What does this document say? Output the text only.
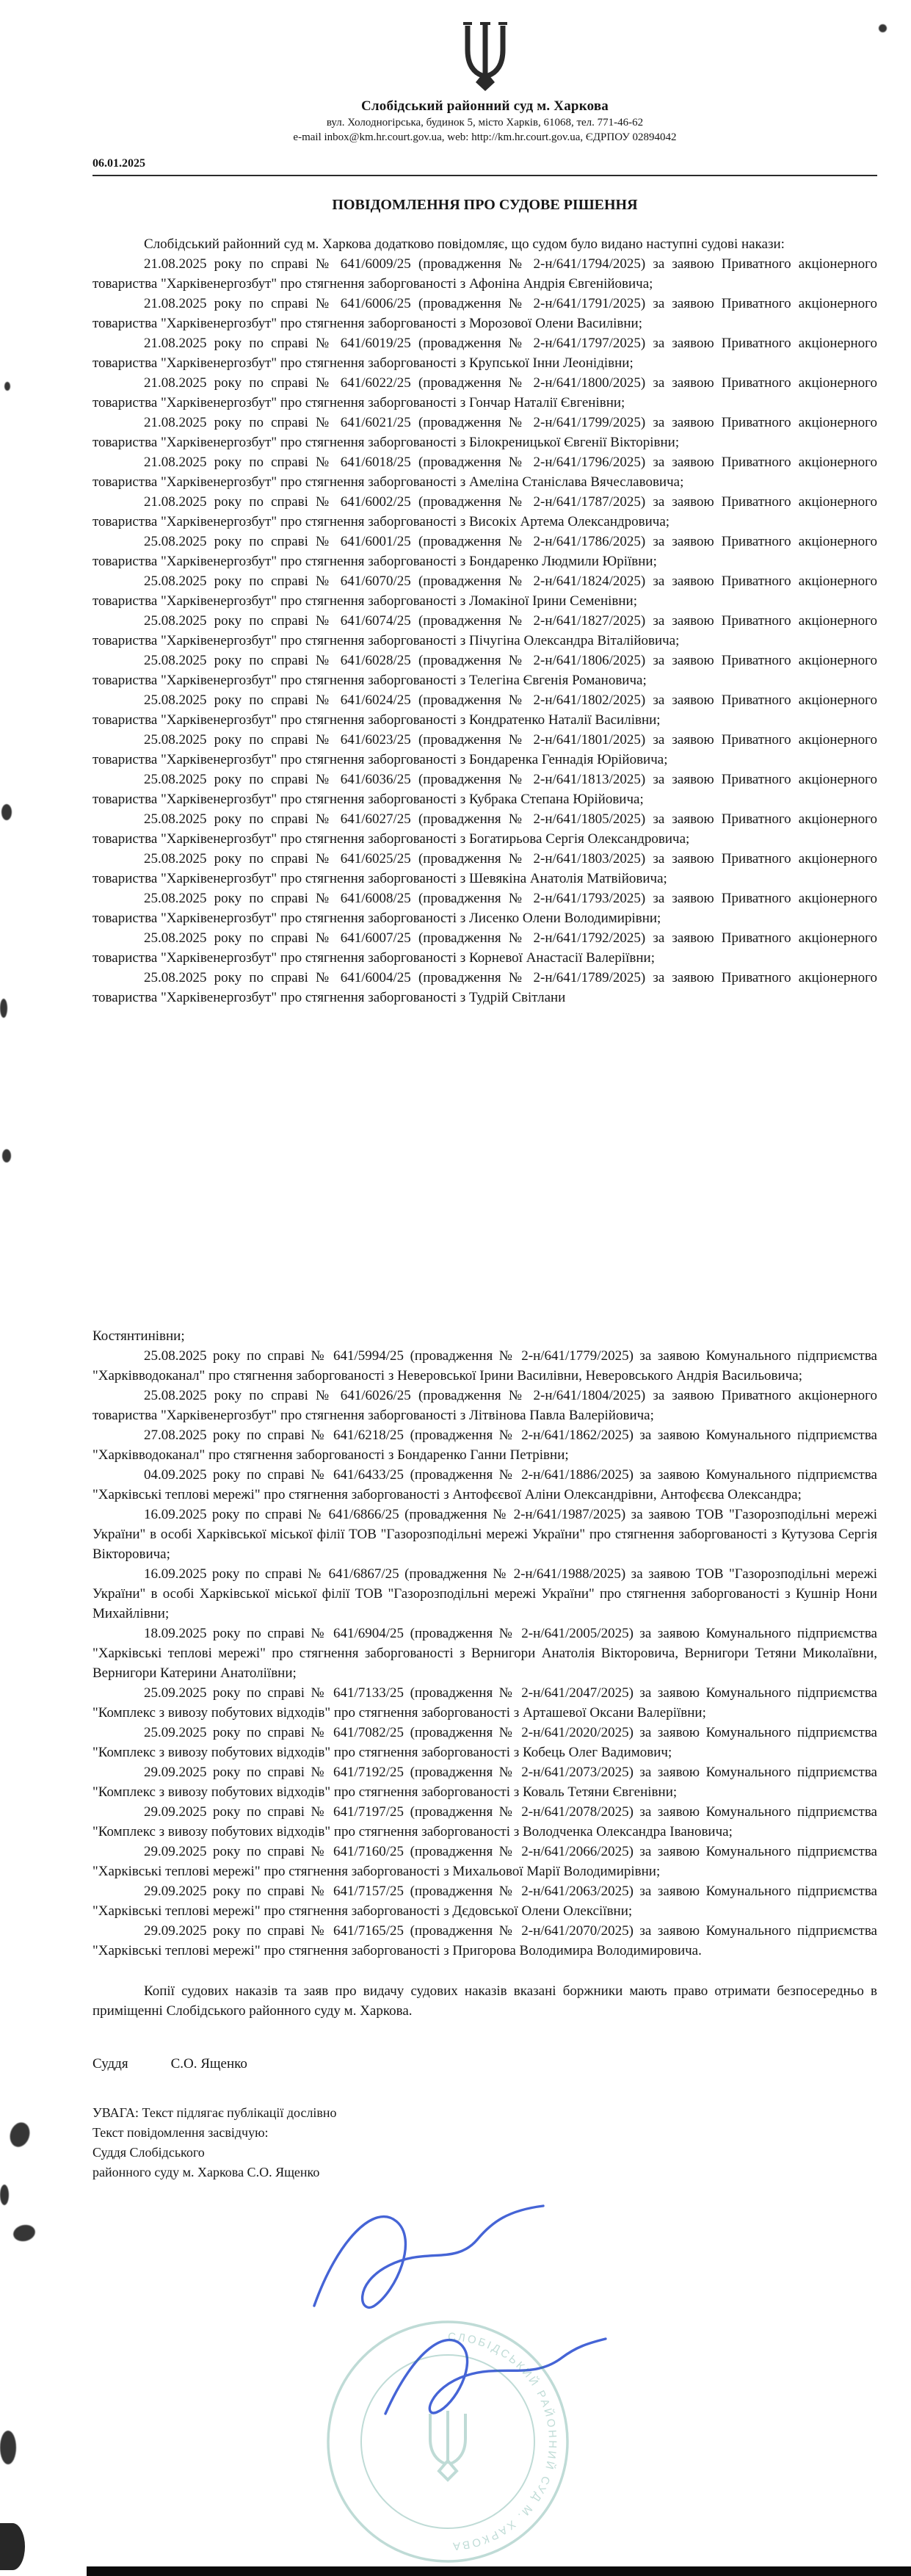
Слобідський районний суд м. Харкова
вул. Холодногірська, будинок 5, місто Харків, 61068, тел. 771-46-62
e-mail inbox@km.hr.court.gov.ua, web: http://km.hr.court.gov.ua, ЄДРПОУ 02894042
06.01.2025
ПОВІДОМЛЕННЯ ПРО СУДОВЕ РІШЕННЯ

Слобідський районний суд м. Харкова додатково повідомляє, що судом було видано наступні судові накази:

21.08.2025 року по справі № 641/6009/25 (провадження № 2-н/641/1794/2025) за заявою Приватного акціонерного товариства "Харківенергозбут" про стягнення заборгованості з Афоніна Андрія Євгенійовича;

21.08.2025 року по справі № 641/6006/25 (провадження № 2-н/641/1791/2025) за заявою Приватного акціонерного товариства "Харківенергозбут" про стягнення заборгованості з Морозової Олени Василівни;

21.08.2025 року по справі № 641/6019/25 (провадження № 2-н/641/1797/2025) за заявою Приватного акціонерного товариства "Харківенергозбут" про стягнення заборгованості з Крупської Інни Леонідівни;

21.08.2025 року по справі № 641/6022/25 (провадження № 2-н/641/1800/2025) за заявою Приватного акціонерного товариства "Харківенергозбут" про стягнення заборгованості з Гончар Наталії Євгенівни;

21.08.2025 року по справі № 641/6021/25 (провадження № 2-н/641/1799/2025) за заявою Приватного акціонерного товариства "Харківенергозбут" про стягнення заборгованості з Білокреницької Євгенії Вікторівни;

21.08.2025 року по справі № 641/6018/25 (провадження № 2-н/641/1796/2025) за заявою Приватного акціонерного товариства "Харківенергозбут" про стягнення заборгованості з Амеліна Станіслава Вячеславовича;

21.08.2025 року по справі № 641/6002/25 (провадження № 2-н/641/1787/2025) за заявою Приватного акціонерного товариства "Харківенергозбут" про стягнення заборгованості з Високіх Артема Олександровича;

25.08.2025 року по справі № 641/6001/25 (провадження № 2-н/641/1786/2025) за заявою Приватного акціонерного товариства "Харківенергозбут" про стягнення заборгованості з Бондаренко Людмили Юріївни;

25.08.2025 року по справі № 641/6070/25 (провадження № 2-н/641/1824/2025) за заявою Приватного акціонерного товариства "Харківенергозбут" про стягнення заборгованості з Ломакіної Ірини Семенівни;

25.08.2025 року по справі № 641/6074/25 (провадження № 2-н/641/1827/2025) за заявою Приватного акціонерного товариства "Харківенергозбут" про стягнення заборгованості з Пічугіна Олександра Віталійовича;

25.08.2025 року по справі № 641/6028/25 (провадження № 2-н/641/1806/2025) за заявою Приватного акціонерного товариства "Харківенергозбут" про стягнення заборгованості з Телегіна Євгенія Романовича;

25.08.2025 року по справі № 641/6024/25 (провадження № 2-н/641/1802/2025) за заявою Приватного акціонерного товариства "Харківенергозбут" про стягнення заборгованості з Кондратенко Наталії Василівни;

25.08.2025 року по справі № 641/6023/25 (провадження № 2-н/641/1801/2025) за заявою Приватного акціонерного товариства "Харківенергозбут" про стягнення заборгованості з Бондаренка Геннадія Юрійовича;

25.08.2025 року по справі № 641/6036/25 (провадження № 2-н/641/1813/2025) за заявою Приватного акціонерного товариства "Харківенергозбут" про стягнення заборгованості з Кубрака Степана Юрійовича;

25.08.2025 року по справі № 641/6027/25 (провадження № 2-н/641/1805/2025) за заявою Приватного акціонерного товариства "Харківенергозбут" про стягнення заборгованості з Богатирьова Сергія Олександровича;

25.08.2025 року по справі № 641/6025/25 (провадження № 2-н/641/1803/2025) за заявою Приватного акціонерного товариства "Харківенергозбут" про стягнення заборгованості з Шевякіна Анатолія Матвійовича;

25.08.2025 року по справі № 641/6008/25 (провадження № 2-н/641/1793/2025) за заявою Приватного акціонерного товариства "Харківенергозбут" про стягнення заборгованості з Лисенко Олени Володимирівни;

25.08.2025 року по справі № 641/6007/25 (провадження № 2-н/641/1792/2025) за заявою Приватного акціонерного товариства "Харківенергозбут" про стягнення заборгованості з Корневої Анастасії Валеріївни;

25.08.2025 року по справі № 641/6004/25 (провадження № 2-н/641/1789/2025) за заявою Приватного акціонерного товариства "Харківенергозбут" про стягнення заборгованості з Тудрій Світлани

Костянтинівни;

25.08.2025 року по справі № 641/5994/25 (провадження № 2-н/641/1779/2025) за заявою Комунального підприємства "Харківводоканал" про стягнення заборгованості з Неверовської Ірини Василівни, Неверовського Андрія Васильовича;

25.08.2025 року по справі № 641/6026/25 (провадження № 2-н/641/1804/2025) за заявою Приватного акціонерного товариства "Харківенергозбут" про стягнення заборгованості з Літвінова Павла Валерійовича;

27.08.2025 року по справі № 641/6218/25 (провадження № 2-н/641/1862/2025) за заявою Комунального підприємства "Харківводоканал" про стягнення заборгованості з Бондаренко Ганни Петрівни;

04.09.2025 року по справі № 641/6433/25 (провадження № 2-н/641/1886/2025) за заявою Комунального підприємства "Харківські теплові мережі" про стягнення заборгованості з Антофєєвої Аліни Олександрівни, Антофєєва Олександра;

16.09.2025 року по справі № 641/6866/25 (провадження № 2-н/641/1987/2025) за заявою ТОВ "Газорозподільні мережі України" в особі Харківської міської філії ТОВ "Газорозподільні мережі України" про стягнення заборгованості з Кутузова Сергія Вікторовича;

16.09.2025 року по справі № 641/6867/25 (провадження № 2-н/641/1988/2025) за заявою ТОВ "Газорозподільні мережі України" в особі Харківської міської філії ТОВ "Газорозподільні мережі України" про стягнення заборгованості з Кушнір Нони Михайлівни;

18.09.2025 року по справі № 641/6904/25 (провадження № 2-н/641/2005/2025) за заявою Комунального підприємства "Харківські теплові мережі" про стягнення заборгованості з Вернигори Анатолія Вікторовича, Вернигори Тетяни Миколаївни, Вернигори Катерини Анатоліївни;

25.09.2025 року по справі № 641/7133/25 (провадження № 2-н/641/2047/2025) за заявою Комунального підприємства "Комплекс з вивозу побутових відходів" про стягнення заборгованості з Арташевої Оксани Валеріївни;

25.09.2025 року по справі № 641/7082/25 (провадження № 2-н/641/2020/2025) за заявою Комунального підприємства "Комплекс з вивозу побутових відходів" про стягнення заборгованості з Кобець Олег Вадимович;

29.09.2025 року по справі № 641/7192/25 (провадження № 2-н/641/2073/2025) за заявою Комунального підприємства "Комплекс з вивозу побутових відходів" про стягнення заборгованості з Коваль Тетяни Євгенівни;

29.09.2025 року по справі № 641/7197/25 (провадження № 2-н/641/2078/2025) за заявою Комунального підприємства "Комплекс з вивозу побутових відходів" про стягнення заборгованості з Володченка Олександра Івановича;

29.09.2025 року по справі № 641/7160/25 (провадження № 2-н/641/2066/2025) за заявою Комунального підприємства "Харківські теплові мережі" про стягнення заборгованості з Михальової Марії Володимирівни;

29.09.2025 року по справі № 641/7157/25 (провадження № 2-н/641/2063/2025) за заявою Комунального підприємства "Харківські теплові мережі" про стягнення заборгованості з Дєдовської Олени Олексіївни;

29.09.2025 року по справі № 641/7165/25 (провадження № 2-н/641/2070/2025) за заявою Комунального підприємства "Харківські теплові мережі" про стягнення заборгованості з Пригорова Володимира Володимировича.

Копії судових наказів та заяв про видачу судових наказів вказані боржники мають право отримати безпосередньо в приміщенні Слобідського районного суду м. Харкова.

Суддя	С.О. Ященко

УВАГА: Текст підлягає публікації дослівно

Текст повідомлення засвідчую:

Суддя Слобідського

районного суду м. Харкова С.О. Ященко

СЛОБІДСЬКИЙ РАЙОННИЙ СУД М. ХАРКОВА
